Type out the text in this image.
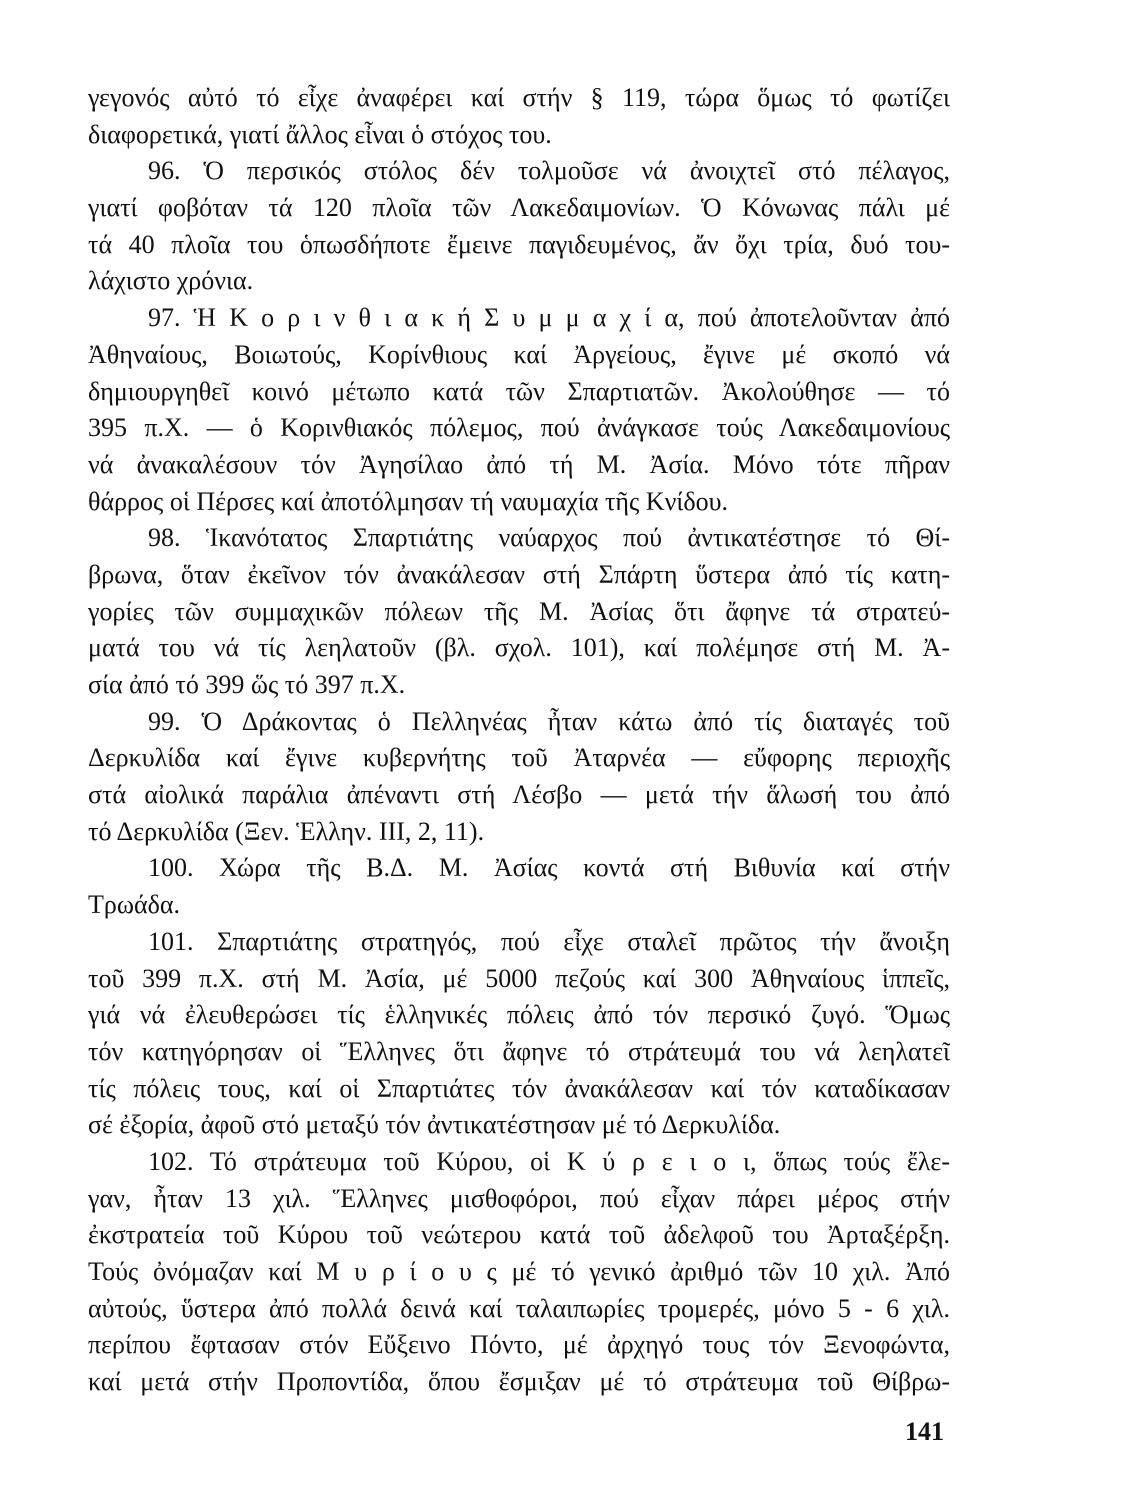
γεγονός αὐτό τό εἶχε ἀναφέρει καί στήν § 119, τώρα ὅμως τό φωτίζει
διαφορετικά, γιατί ἄλλος εἶναι ὁ στόχος του.
96. Ὁ περσικός στόλος δέν τολμοῦσε νά ἀνοιχτεῖ στό πέλαγος,
γιατί φοβόταν τά 120 πλοῖα τῶν Λακεδαιμονίων. Ὁ Κόνωνας πάλι μέ
τά 40 πλοῖα του ὁπωσδήποτε ἔμεινε παγιδευμένος, ἄν ὄχι τρία, δυό του-
λάχιστο χρόνια.
97. Ἡ Κ ο ρ ι ν θ ι α κ ή Σ υ μ μ α χ ί α, πού ἀποτελοῦνταν ἀπό
Ἀθηναίους, Βοιωτούς, Κορίνθιους καί Ἀργείους, ἔγινε μέ σκοπό νά
δημιουργηθεῖ κοινό μέτωπο κατά τῶν Σπαρτιατῶν. Ἀκολούθησε — τό
395 π.Χ. — ὁ Κορινθιακός πόλεμος, πού ἀνάγκασε τούς Λακεδαιμονίους
νά ἀνακαλέσουν τόν Ἀγησίλαο ἀπό τή Μ. Ἀσία. Μόνο τότε πῆραν
θάρρος οἱ Πέρσες καί ἀποτόλμησαν τή ναυμαχία τῆς Κνίδου.
98. Ἱκανότατος Σπαρτιάτης ναύαρχος πού ἀντικατέστησε τό Θί-
βρωνα, ὅταν ἐκεῖνον τόν ἀνακάλεσαν στή Σπάρτη ὕστερα ἀπό τίς κατη-
γορίες τῶν συμμαχικῶν πόλεων τῆς Μ. Ἀσίας ὅτι ἄφηνε τά στρατεύ-
ματά του νά τίς λεηλατοῦν (βλ. σχολ. 101), καί πολέμησε στή Μ. Ἀ-
σία ἀπό τό 399 ὥς τό 397 π.Χ.
99. Ὁ Δράκοντας ὁ Πελληνέας ἦταν κάτω ἀπό τίς διαταγές τοῦ
Δερκυλίδα καί ἔγινε κυβερνήτης τοῦ Ἀταρνέα — εὔφορης περιοχῆς
στά αἰολικά παράλια ἀπέναντι στή Λέσβο — μετά τήν ἅλωσή του ἀπό
τό Δερκυλίδα (Ξεν. Ἑλλην. ΙΙΙ, 2, 11).
100. Χώρα τῆς Β.Δ. Μ. Ἀσίας κοντά στή Βιθυνία καί στήν
Τρωάδα.
101. Σπαρτιάτης στρατηγός, πού εἶχε σταλεῖ πρῶτος τήν ἄνοιξη
τοῦ 399 π.Χ. στή Μ. Ἀσία, μέ 5000 πεζούς καί 300 Ἀθηναίους ἱππεῖς,
γιά νά ἐλευθερώσει τίς ἑλληνικές πόλεις ἀπό τόν περσικό ζυγό. Ὅμως
τόν κατηγόρησαν οἱ Ἕλληνες ὅτι ἄφηνε τό στράτευμά του νά λεηλατεῖ
τίς πόλεις τους, καί οἱ Σπαρτιάτες τόν ἀνακάλεσαν καί τόν καταδίκασαν
σέ ἐξορία, ἀφοῦ στό μεταξύ τόν ἀντικατέστησαν μέ τό Δερκυλίδα.
102. Τό στράτευμα τοῦ Κύρου, οἱ Κ ύ ρ ε ι ο ι, ὅπως τούς ἔλε-
γαν, ἦταν 13 χιλ. Ἕλληνες μισθοφόροι, πού εἶχαν πάρει μέρος στήν
ἐκστρατεία τοῦ Κύρου τοῦ νεώτερου κατά τοῦ ἀδελφοῦ του Ἀρταξέρξη.
Τούς ὀνόμαζαν καί Μ υ ρ ί ο υ ς μέ τό γενικό ἀριθμό τῶν 10 χιλ. Ἀπό
αὐτούς, ὕστερα ἀπό πολλά δεινά καί ταλαιπωρίες τρομερές, μόνο 5 - 6 χιλ.
περίπου ἔφτασαν στόν Εὔξεινο Πόντο, μέ ἀρχηγό τους τόν Ξενοφώντα,
καί μετά στήν Προποντίδα, ὅπου ἔσμιξαν μέ τό στράτευμα τοῦ Θίβρω-
141
